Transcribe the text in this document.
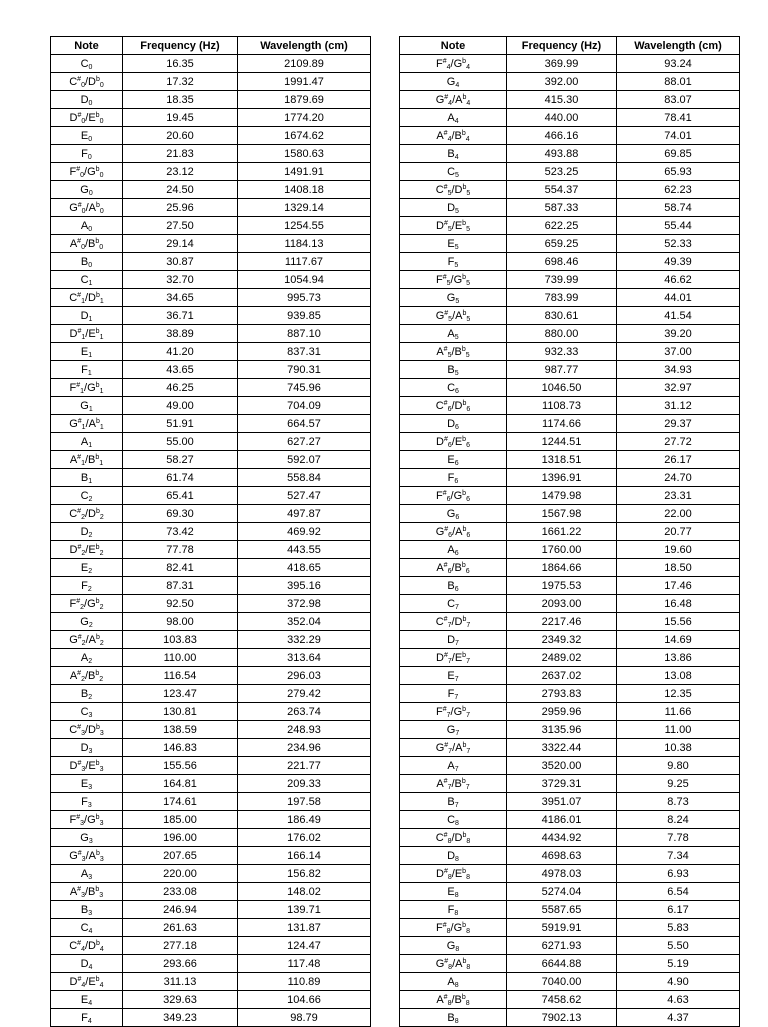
Note	Frequency (Hz)	Wavelength (cm)
$C_0$	16.35	2109.89
$C^{\#}_0/D^b_0$	17.32	1991.47
$D_0$	18.35	1879.69
$D^{\#}_0/E^b_0$	19.45	1774.20
$E_0$	20.60	1674.62
$F_0$	21.83	1580.63
$F^{\#}_0/G^b_0$	23.12	1491.91
$G_0$	24.50	1408.18
$G^{\#}_0/A^b_0$	25.96	1329.14
$A_0$	27.50	1254.55
$A^{\#}_0/B^b_0$	29.14	1184.13
$B_0$	30.87	1117.67
$C_1$	32.70	1054.94
$C^{\#}_1/D^b_1$	34.65	995.73
$D_1$	36.71	939.85
$D^{\#}_1/E^b_1$	38.89	887.10
$E_1$	41.20	837.31
$F_1$	43.65	790.31
$F^{\#}_1/G^b_1$	46.25	745.96
$G_1$	49.00	704.09
$G^{\#}_1/A^b_1$	51.91	664.57
$A_1$	55.00	627.27
$A^{\#}_1/B^b_1$	58.27	592.07
$B_1$	61.74	558.84
$C_2$	65.41	527.47
$C^{\#}_2/D^b_2$	69.30	497.87
$D_2$	73.42	469.92
$D^{\#}_2/E^b_2$	77.78	443.55
$E_2$	82.41	418.65
$F_2$	87.31	395.16
$F^{\#}_2/G^b_2$	92.50	372.98
$G_2$	98.00	352.04
$G^{\#}_2/A^b_2$	103.83	332.29
$A_2$	110.00	313.64
$A^{\#}_2/B^b_2$	116.54	296.03
$B_2$	123.47	279.42
$C_3$	130.81	263.74
$C^{\#}_3/D^b_3$	138.59	248.93
$D_3$	146.83	234.96
$D^{\#}_3/E^b_3$	155.56	221.77
$E_3$	164.81	209.33
$F_3$	174.61	197.58
$F^{\#}_3/G^b_3$	185.00	186.49
$G_3$	196.00	176.02
$G^{\#}_3/A^b_3$	207.65	166.14
$A_3$	220.00	156.82
$A^{\#}_3/B^b_3$	233.08	148.02
$B_3$	246.94	139.71
$C_4$	261.63	131.87
$C^{\#}_4/D^b_4$	277.18	124.47
$D_4$	293.66	117.48
$D^{\#}_4/E^b_4$	311.13	110.89
$E_4$	329.63	104.66
$F_4$	349.23	98.79
Note	Frequency (Hz)	Wavelength (cm)
$F^{\#}_4/G^b_4$	369.99	93.24
$G_4$	392.00	88.01
$G^{\#}_4/A^b_4$	415.30	83.07
$A_4$	440.00	78.41
$A^{\#}_4/B^b_4$	466.16	74.01
$B_4$	493.88	69.85
$C_5$	523.25	65.93
$C^{\#}_5/D^b_5$	554.37	62.23
$D_5$	587.33	58.74
$D^{\#}_5/E^b_5$	622.25	55.44
$E_5$	659.25	52.33
$F_5$	698.46	49.39
$F^{\#}_5/G^b_5$	739.99	46.62
$G_5$	783.99	44.01
$G^{\#}_5/A^b_5$	830.61	41.54
$A_5$	880.00	39.20
$A^{\#}_5/B^b_5$	932.33	37.00
$B_5$	987.77	34.93
$C_6$	1046.50	32.97
$C^{\#}_6/D^b_6$	1108.73	31.12
$D_6$	1174.66	29.37
$D^{\#}_6/E^b_6$	1244.51	27.72
$E_6$	1318.51	26.17
$F_6$	1396.91	24.70
$F^{\#}_6/G^b_6$	1479.98	23.31
$G_6$	1567.98	22.00
$G^{\#}_6/A^b_6$	1661.22	20.77
$A_6$	1760.00	19.60
$A^{\#}_6/B^b_6$	1864.66	18.50
$B_6$	1975.53	17.46
$C_7$	2093.00	16.48
$C^{\#}_7/D^b_7$	2217.46	15.56
$D_7$	2349.32	14.69
$D^{\#}_7/E^b_7$	2489.02	13.86
$E_7$	2637.02	13.08
$F_7$	2793.83	12.35
$F^{\#}_7/G^b_7$	2959.96	11.66
$G_7$	3135.96	11.00
$G^{\#}_7/A^b_7$	3322.44	10.38
$A_7$	3520.00	9.80
$A^{\#}_7/B^b_7$	3729.31	9.25
$B_7$	3951.07	8.73
$C_8$	4186.01	8.24
$C^{\#}_8/D^b_8$	4434.92	7.78
$D_8$	4698.63	7.34
$D^{\#}_8/E^b_8$	4978.03	6.93
$E_8$	5274.04	6.54
$F_8$	5587.65	6.17
$F^{\#}_8/G^b_8$	5919.91	5.83
$G_8$	6271.93	5.50
$G^{\#}_8/A^b_8$	6644.88	5.19
$A_8$	7040.00	4.90
$A^{\#}_8/B^b_8$	7458.62	4.63
$B_8$	7902.13	4.37
